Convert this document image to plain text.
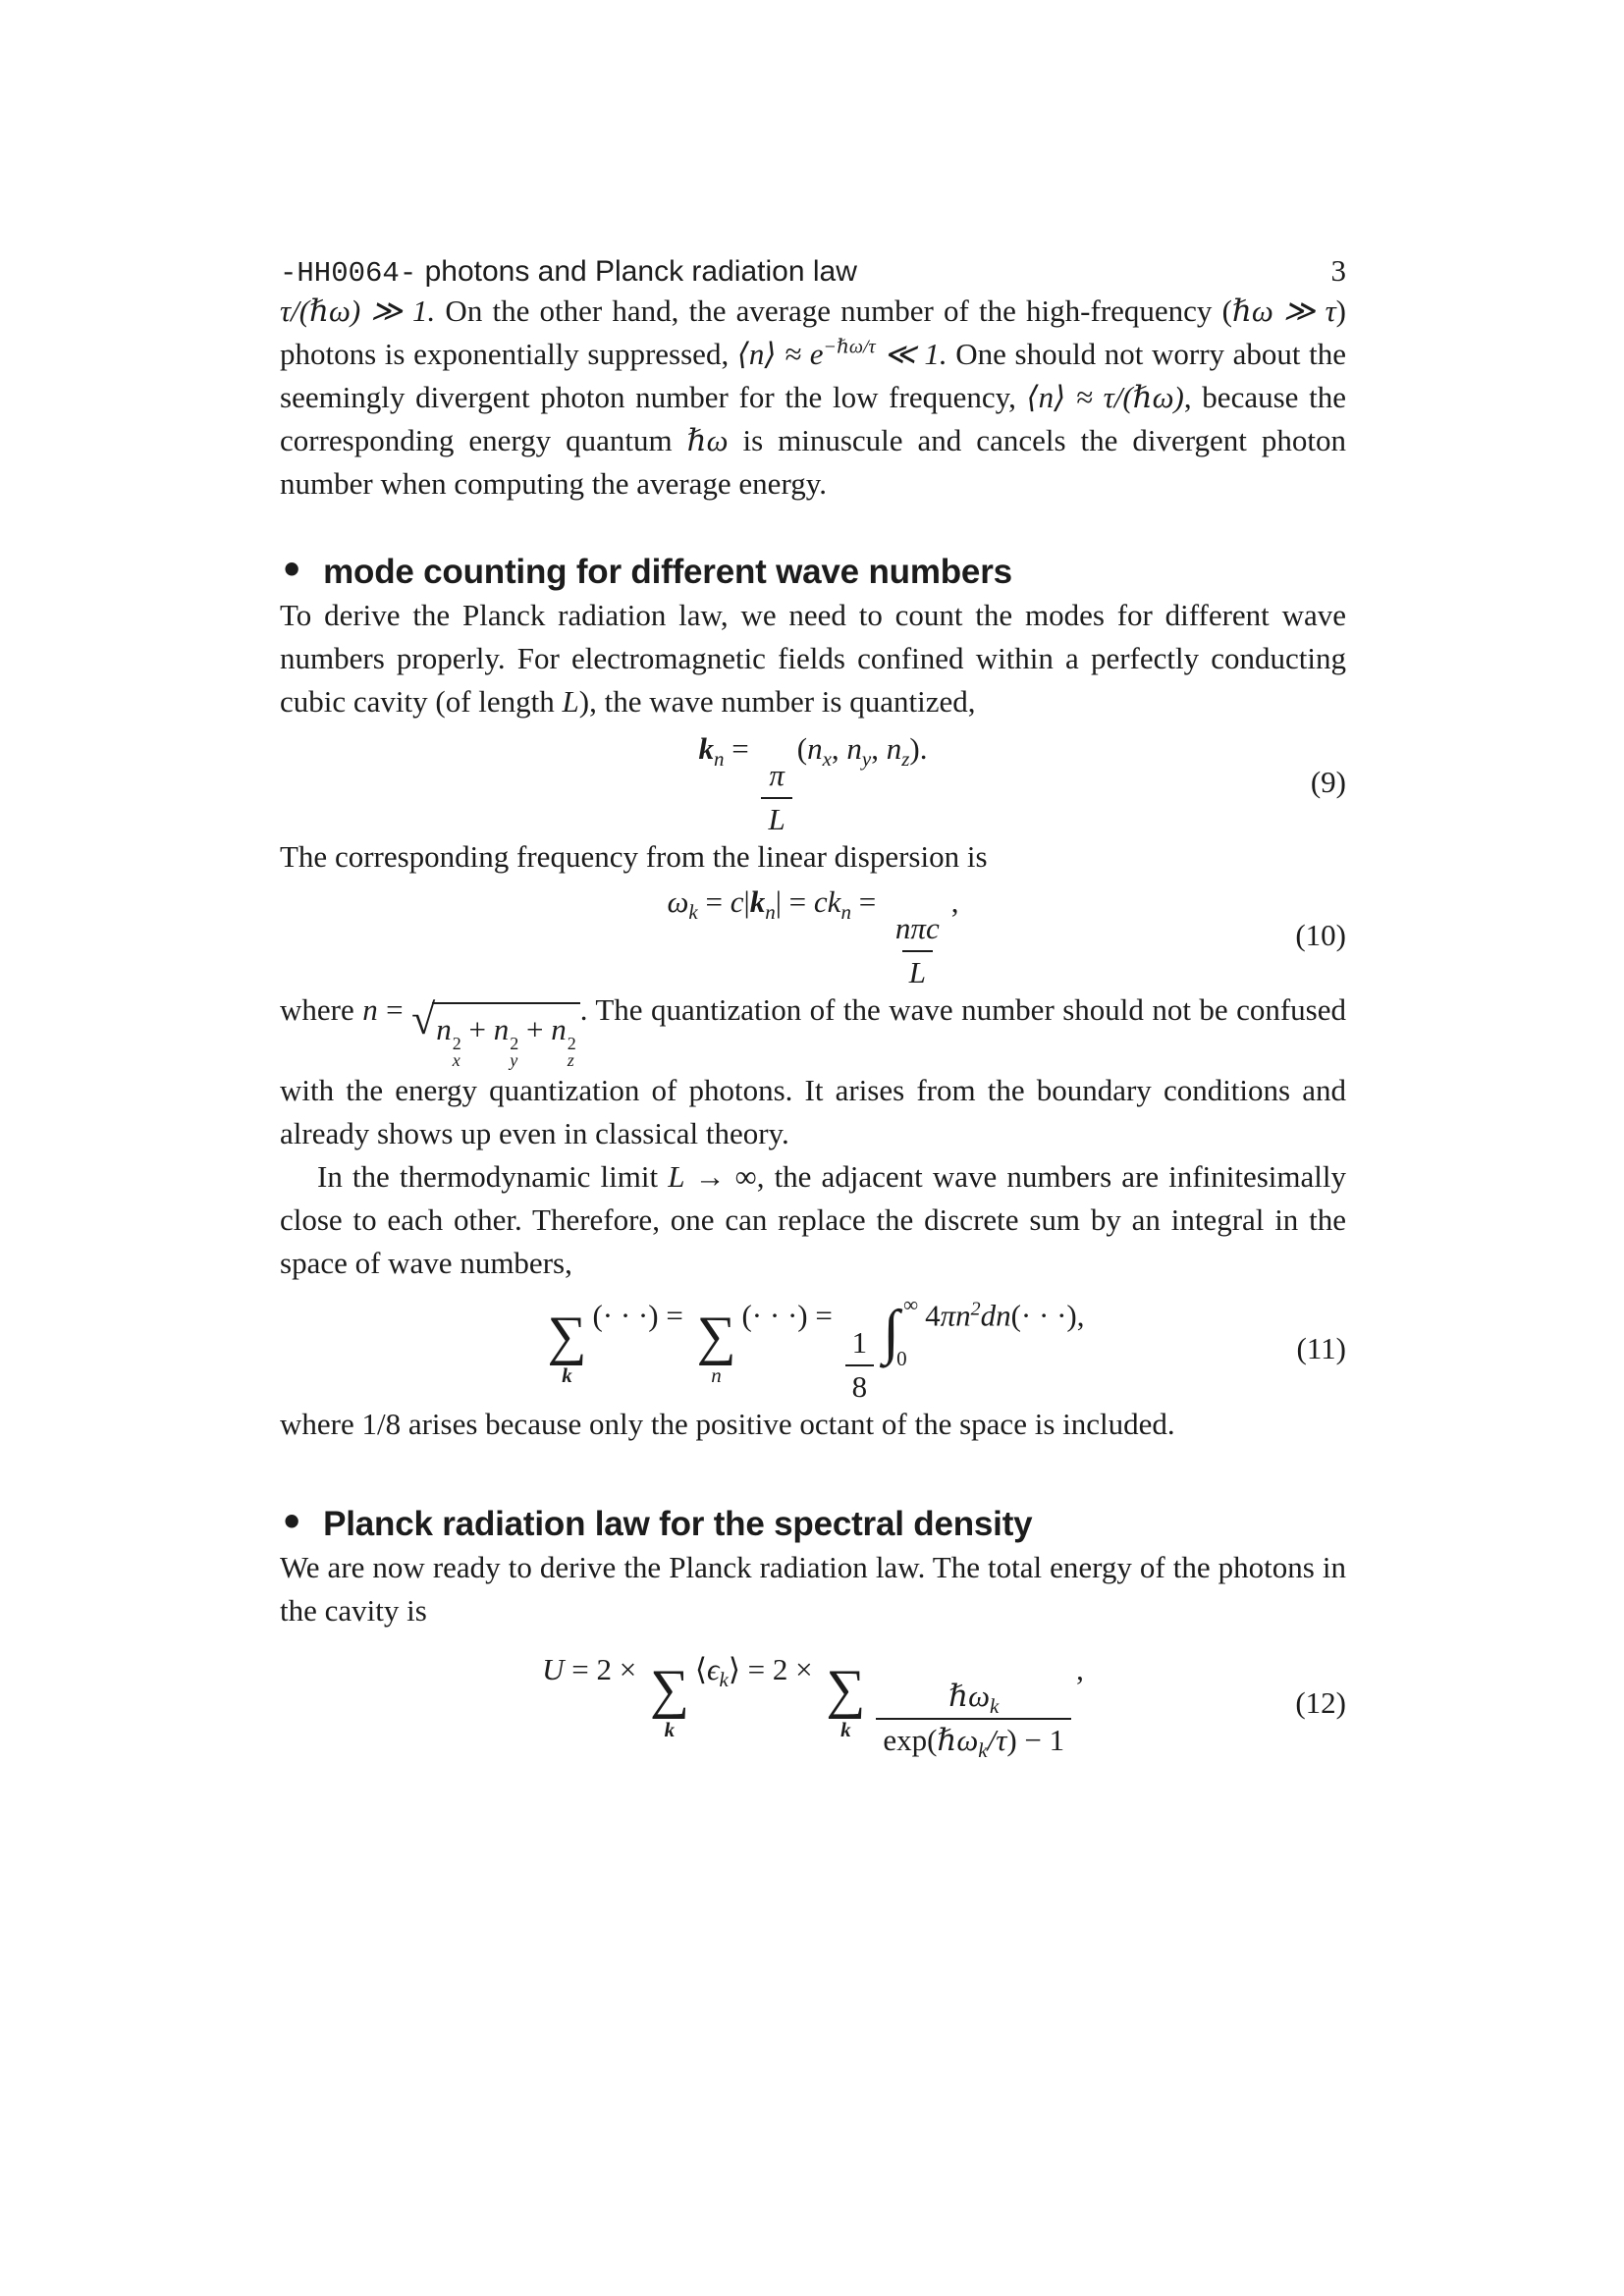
-HH0064- photons and Planck radiation law	3

τ/(ℏω) ≫ 1. On the other hand, the average number of the high-frequency (ℏω ≫ τ) photons is exponentially suppressed, ⟨n⟩ ≈ $e^{-\hbar\omega/\tau}$ ≪ 1. One should not worry about the seemingly divergent photon number for the low frequency, ⟨n⟩ ≈ τ/(ℏω), because the corresponding energy quantum ℏω is minuscule and cancels the divergent photon number when computing the average energy.

• mode counting for different wave numbers

To derive the Planck radiation law, we need to count the modes for different wave numbers properly. For electromagnetic fields confined within a perfectly conducting cubic cavity (of length L), the wave number is quantized,

$k_n$ =
$\frac{\pi}{L}$
($n_x$, $n_y$, $n_z$).
(9)

The corresponding frequency from the linear dispersion is

$\omega_k = c|k_n| = ck_n$ =
nπc
L
,
(10)

where n = √ n 2
x
+ n 2
y
+ n 2
z
. The quantization of the wave number should not be confused with the energy quantization of photons. It arises from the boundary conditions and already shows up even in classical theory.

In the thermodynamic limit L → ∞, the adjacent wave numbers are infinitesimally close to each other. Therefore, one can replace the discrete sum by an integral in the space of wave numbers,

∑
k
(· · ·) = ∑
n
(· · ·) =
$\frac{1}{8}$ ∫ ∞
0
$4\pi n^2dn(\cdot$ · ·),
(11)

where 1/8 arises because only the positive octant of the space is included.

• Planck radiation law for the spectral density

We are now ready to derive the Planck radiation law. The total energy of the photons in the cavity is

U = 2 × ∑
k
$⟨\epsilon_k⟩ = 2$ × ∑
k
ℏω$_k$
exp(ℏω$_k$/τ) − 1
,
(12)
